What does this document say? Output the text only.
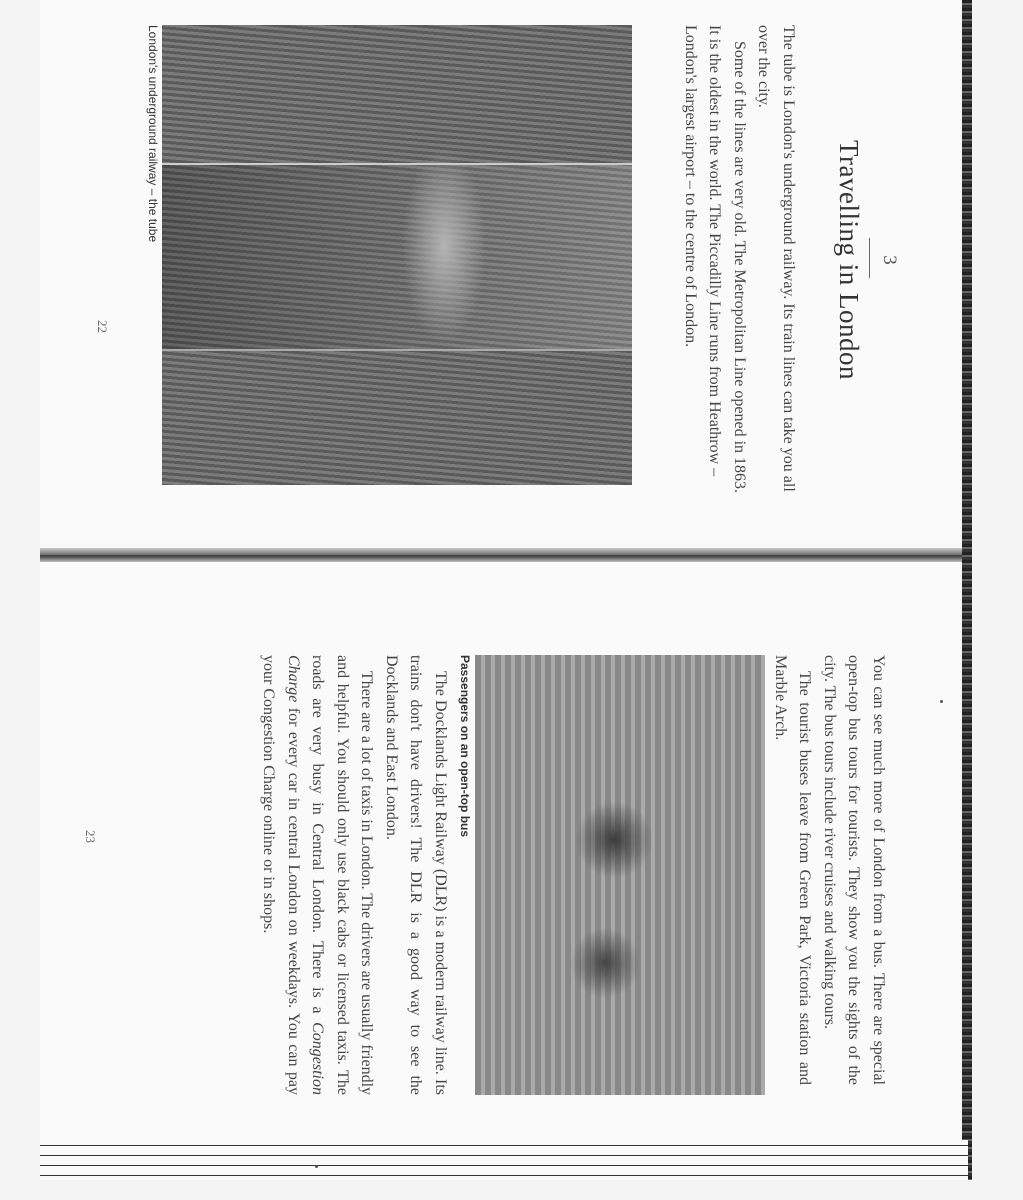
3
Travelling in London

The tube is London's underground railway. Its train lines can take you all over the city.

Some of the lines are very old. The Metropolitan Line opened in 1863. It is the oldest in the world. The Piccadilly Line runs from Heathrow – London's largest airport – to the centre of London.

London's underground railway – the tube
22

You can see much more of London from a bus. There are special open-top bus tours for tourists. They show you the sights of the city. The bus tours include river cruises and walking tours.

The tourist buses leave from Green Park, Victoria station and Marble Arch.

Passengers on an open-top bus

The Docklands Light Railway (DLR) is a modern railway line. Its trains don't have drivers! The DLR is a good way to see the Docklands and East London.

There are a lot of taxis in London. The drivers are usually friendly and helpful. You should only use black cabs or licensed taxis. The roads are very busy in Central London. There is a Congestion Charge for every car in central London on weekdays. You can pay your Congestion Charge online or in shops.

23
